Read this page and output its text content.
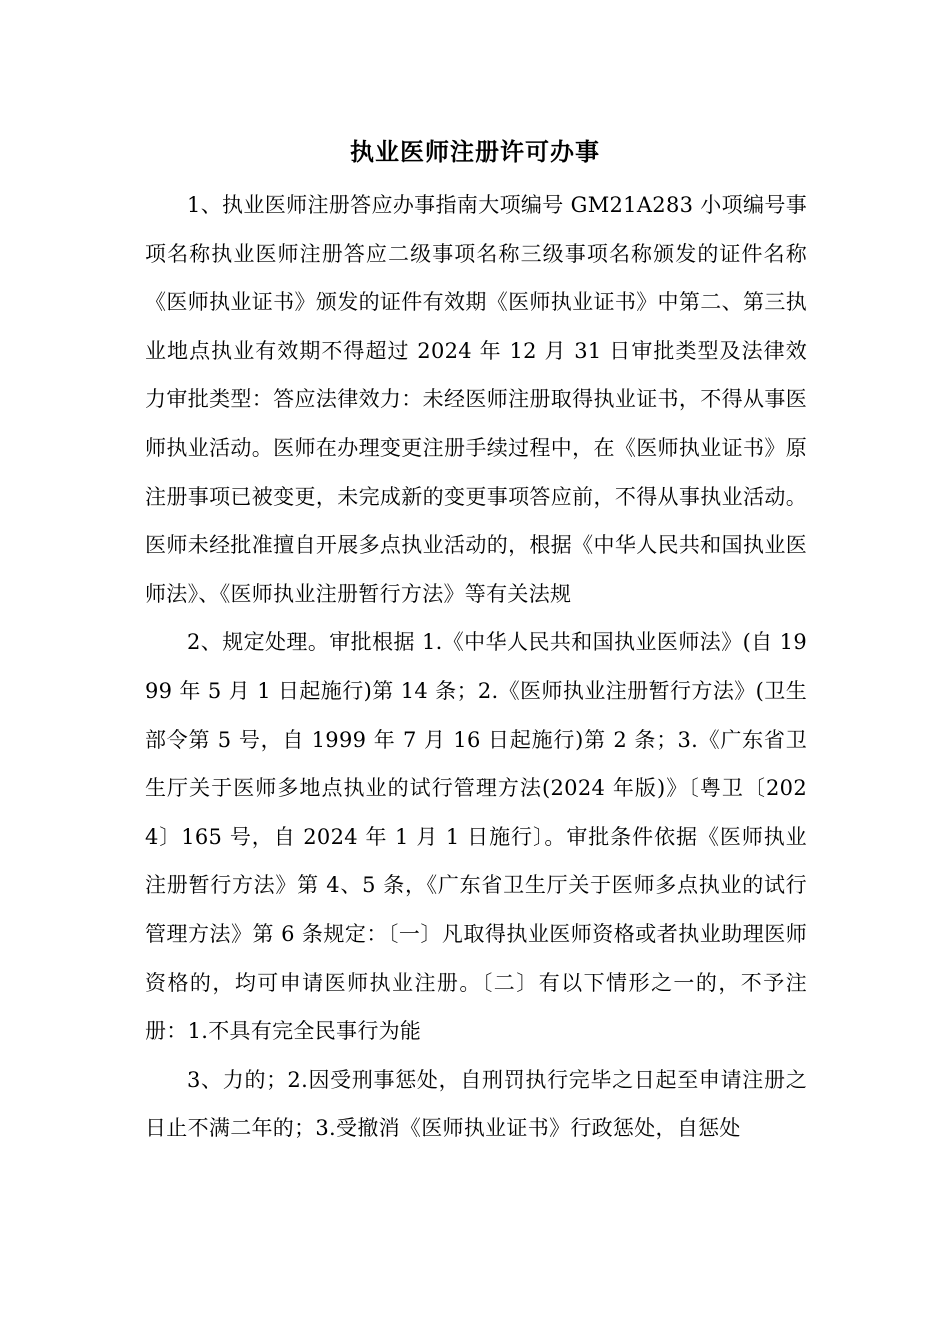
执业医师注册许可办事

1、执业医师注册答应办事指南大项编号 GM21A283 小项编号事项名称执业医师注册答应二级事项名称三级事项名称颁发的证件名称《医师执业证书》颁发的证件有效期《医师执业证书》中第二、第三执业地点执业有效期不得超过 2024 年 12 月 31 日审批类型及法律效力审批类型：答应法律效力：未经医师注册取得执业证书，不得从事医师执业活动。医师在办理变更注册手续过程中，在《医师执业证书》原注册事项已被变更，未完成新的变更事项答应前，不得从事执业活动。医师未经批准擅自开展多点执业活动的，根据《中华人民共和国执业医师法》、《医师执业注册暂行方法》等有关法规

2、规定处理。审批根据 1.《中华人民共和国执业医师法》(自 1999 年 5 月 1 日起施行)第 14 条；2.《医师执业注册暂行方法》(卫生部令第 5 号，自 1999 年 7 月 16 日起施行)第 2 条；3.《广东省卫生厅关于医师多地点执业的试行管理方法(2024 年版)》〔粤卫〔2024〕165 号，自 2024 年 1 月 1 日施行〕。审批条件依据《医师执业注册暂行方法》第 4、5 条，《广东省卫生厅关于医师多点执业的试行管理方法》第 6 条规定：〔一〕凡取得执业医师资格或者执业助理医师资格的，均可申请医师执业注册。〔二〕有以下情形之一的，不予注册：1.不具有完全民事行为能

3、力的；2.因受刑事惩处，自刑罚执行完毕之日起至申请注册之日止不满二年的；3.受撤消《医师执业证书》行政惩处，自惩处
